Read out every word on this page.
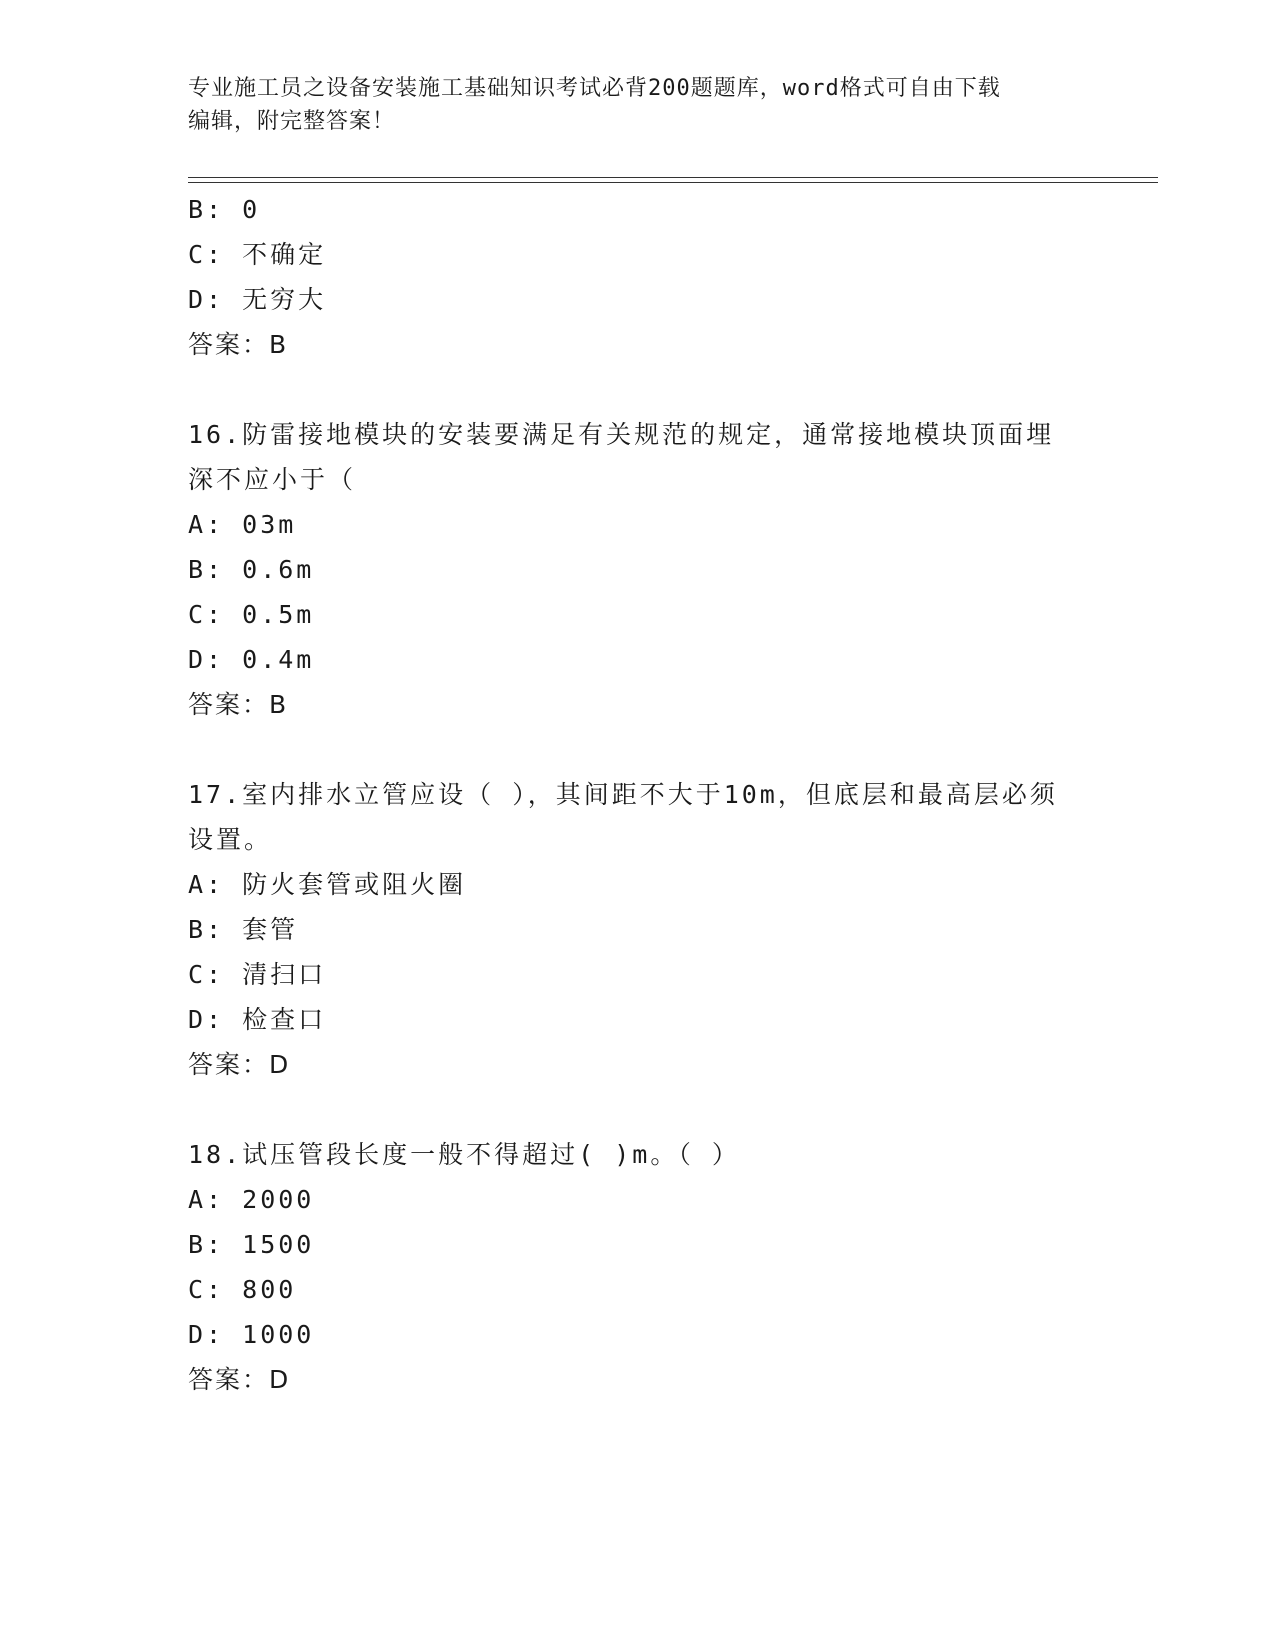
专业施工员之设备安装施工基础知识考试必背200题题库，word格式可自由下载
编辑，附完整答案！
B: 0
C: 不确定
D: 无穷大
答案：B
16.防雷接地模块的安装要满足有关规范的规定，通常接地模块顶面埋
深不应小于（
A: 03m
B: 0.6m
C: 0.5m
D: 0.4m
答案：B
17.室内排水立管应设（ ），其间距不大于10m，但底层和最高层必须
设置。
A: 防火套管或阻火圈
B: 套管
C: 清扫口
D: 检查口
答案：D
18.试压管段长度一般不得超过( )m。（ ）
A: 2000
B: 1500
C: 800
D: 1000
答案：D
